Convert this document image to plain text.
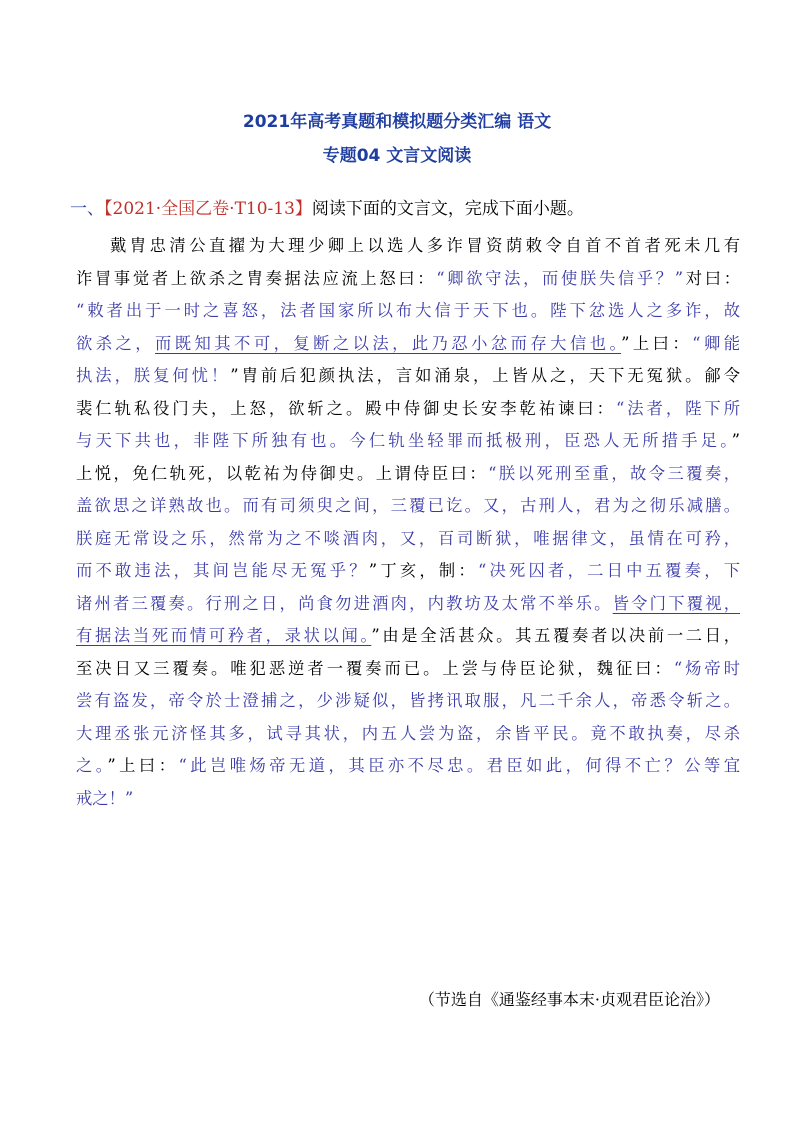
2021年高考真题和模拟题分类汇编 语文
专题04 文言文阅读
一、【2021·全国乙卷·T10-13】阅读下面的文言文，完成下面小题。
戴胄忠清公直擢为大理少卿上以选人多诈冒资荫敕令自首不首者死未几有
诈冒事觉者上欲杀之胄奏据法应流上怒曰：“卿欲守法，而使朕失信乎？”对曰：
“敕者出于一时之喜怒，法者国家所以布大信于天下也。陛下忿选人之多诈，故
欲杀之，而既知其不可，复断之以法，此乃忍小忿而存大信也。”上曰：“卿能
执法，朕复何忧！”胄前后犯颜执法，言如涌泉，上皆从之，天下无冤狱。鄃令
裴仁轨私役门夫，上怒，欲斩之。殿中侍御史长安李乾祐谏曰：“法者，陛下所
与天下共也，非陛下所独有也。今仁轨坐轻罪而抵极刑，臣恐人无所措手足。”
上悦，免仁轨死，以乾祐为侍御史。上谓侍臣曰：“朕以死刑至重，故令三覆奏，
盖欲思之详熟故也。而有司须臾之间，三覆已讫。又，古刑人，君为之彻乐减膳。
朕庭无常设之乐，然常为之不啖酒肉，又，百司断狱，唯据律文，虽情在可矜，
而不敢违法，其间岂能尽无冤乎？”丁亥，制：“决死囚者，二日中五覆奏，下
诸州者三覆奏。行刑之日，尚食勿进酒肉，内教坊及太常不举乐。皆令门下覆视，
有据法当死而情可矜者，录状以闻。”由是全活甚众。其五覆奏者以决前一二日，
至决日又三覆奏。唯犯恶逆者一覆奏而已。上尝与侍臣论狱，魏征曰：“炀帝时
尝有盗发，帝令於士澄捕之，少涉疑似，皆拷讯取服，凡二千余人，帝悉令斩之。
大理丞张元济怪其多，试寻其状，内五人尝为盗，余皆平民。竟不敢执奏，尽杀
之。”上曰：“此岂唯炀帝无道，其臣亦不尽忠。君臣如此，何得不亡？公等宜
戒之！”
（节选自《通鉴经事本末·贞观君臣论治》）
